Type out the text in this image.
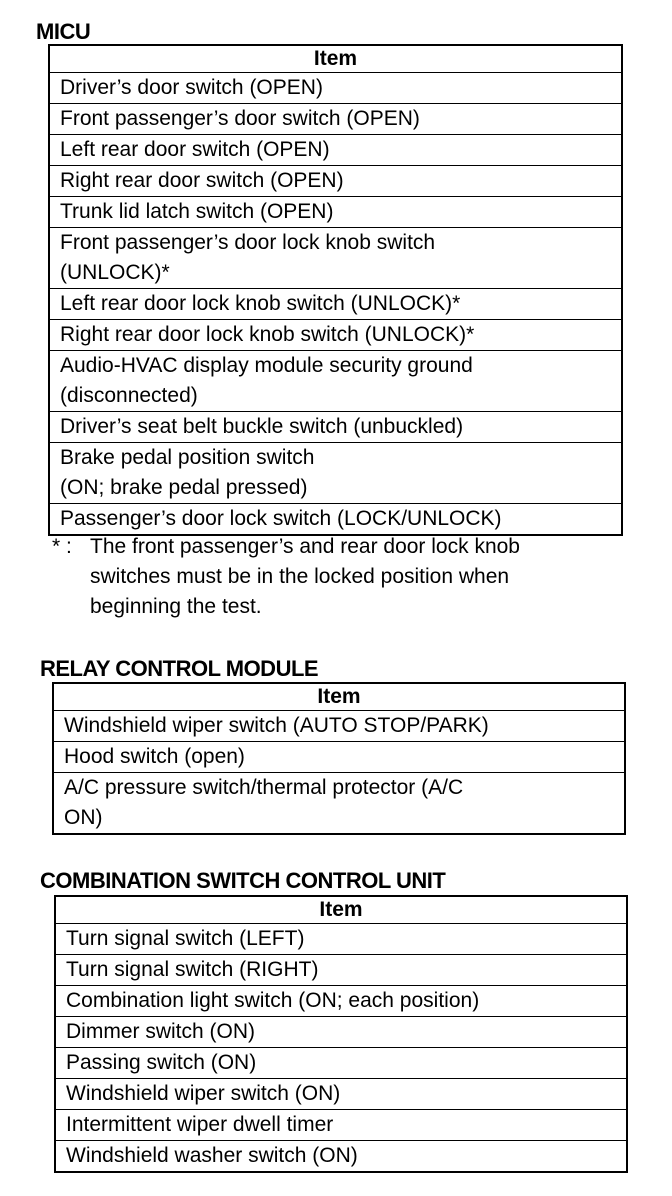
MICU
Item
Driver’s door switch (OPEN)
Front passenger’s door switch (OPEN)
Left rear door switch (OPEN)
Right rear door switch (OPEN)
Trunk lid latch switch (OPEN)

Front passenger’s door lock knob switch
(UNLOCK)*

Left rear door lock knob switch (UNLOCK)*
Right rear door lock knob switch (UNLOCK)*

Audio-HVAC display module security ground
(disconnected)

Driver’s seat belt buckle switch (unbuckled)

Brake pedal position switch
(ON; brake pedal pressed)

Passenger’s door lock switch (LOCK/UNLOCK)
* : The front passenger’s and rear door lock knob
switches must be in the locked position when
beginning the test.
RELAY CONTROL MODULE
Item
Windshield wiper switch (AUTO STOP/PARK)
Hood switch (open)

A/C pressure switch/thermal protector (A/C
ON)
COMBINATION SWITCH CONTROL UNIT
Item
Turn signal switch (LEFT)
Turn signal switch (RIGHT)
Combination light switch (ON; each position)
Dimmer switch (ON)
Passing switch (ON)
Windshield wiper switch (ON)
Intermittent wiper dwell timer
Windshield washer switch (ON)
